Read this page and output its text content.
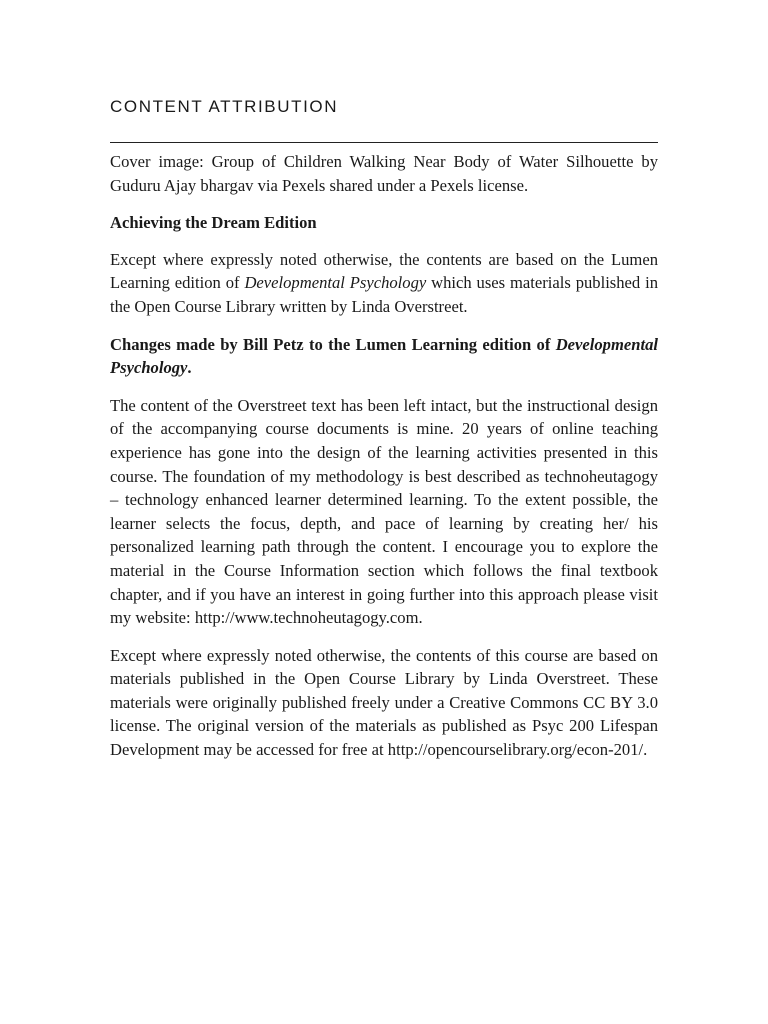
CONTENT ATTRIBUTION

Cover image: Group of Children Walking Near Body of Water Silhouette by Guduru Ajay bhargav via Pexels shared under a Pexels license.

Achieving the Dream Edition

Except where expressly noted otherwise, the contents are based on the Lumen Learning edition of Developmental Psychology which uses materials published in the Open Course Library written by Linda Overstreet.

Changes made by Bill Petz to the Lumen Learning edition of Developmental Psychology.

The content of the Overstreet text has been left intact, but the instructional design of the accompanying course documents is mine. 20 years of online teaching experience has gone into the design of the learning activities presented in this course. The foundation of my methodology is best described as technoheutagogy – technology enhanced learner determined learning. To the extent possible, the learner selects the focus, depth, and pace of learning by creating her/ his personalized learning path through the content. I encourage you to explore the material in the Course Information section which follows the final textbook chapter, and if you have an interest in going further into this approach please visit my website: http://www.technoheutagogy.com.

Except where expressly noted otherwise, the contents of this course are based on materials published in the Open Course Library by Linda Overstreet. These materials were originally published freely under a Creative Commons CC BY 3.0 license. The original version of the materials as published as Psyc 200 Lifespan Development may be accessed for free at http://opencourselibrary.org/econ-201/.
